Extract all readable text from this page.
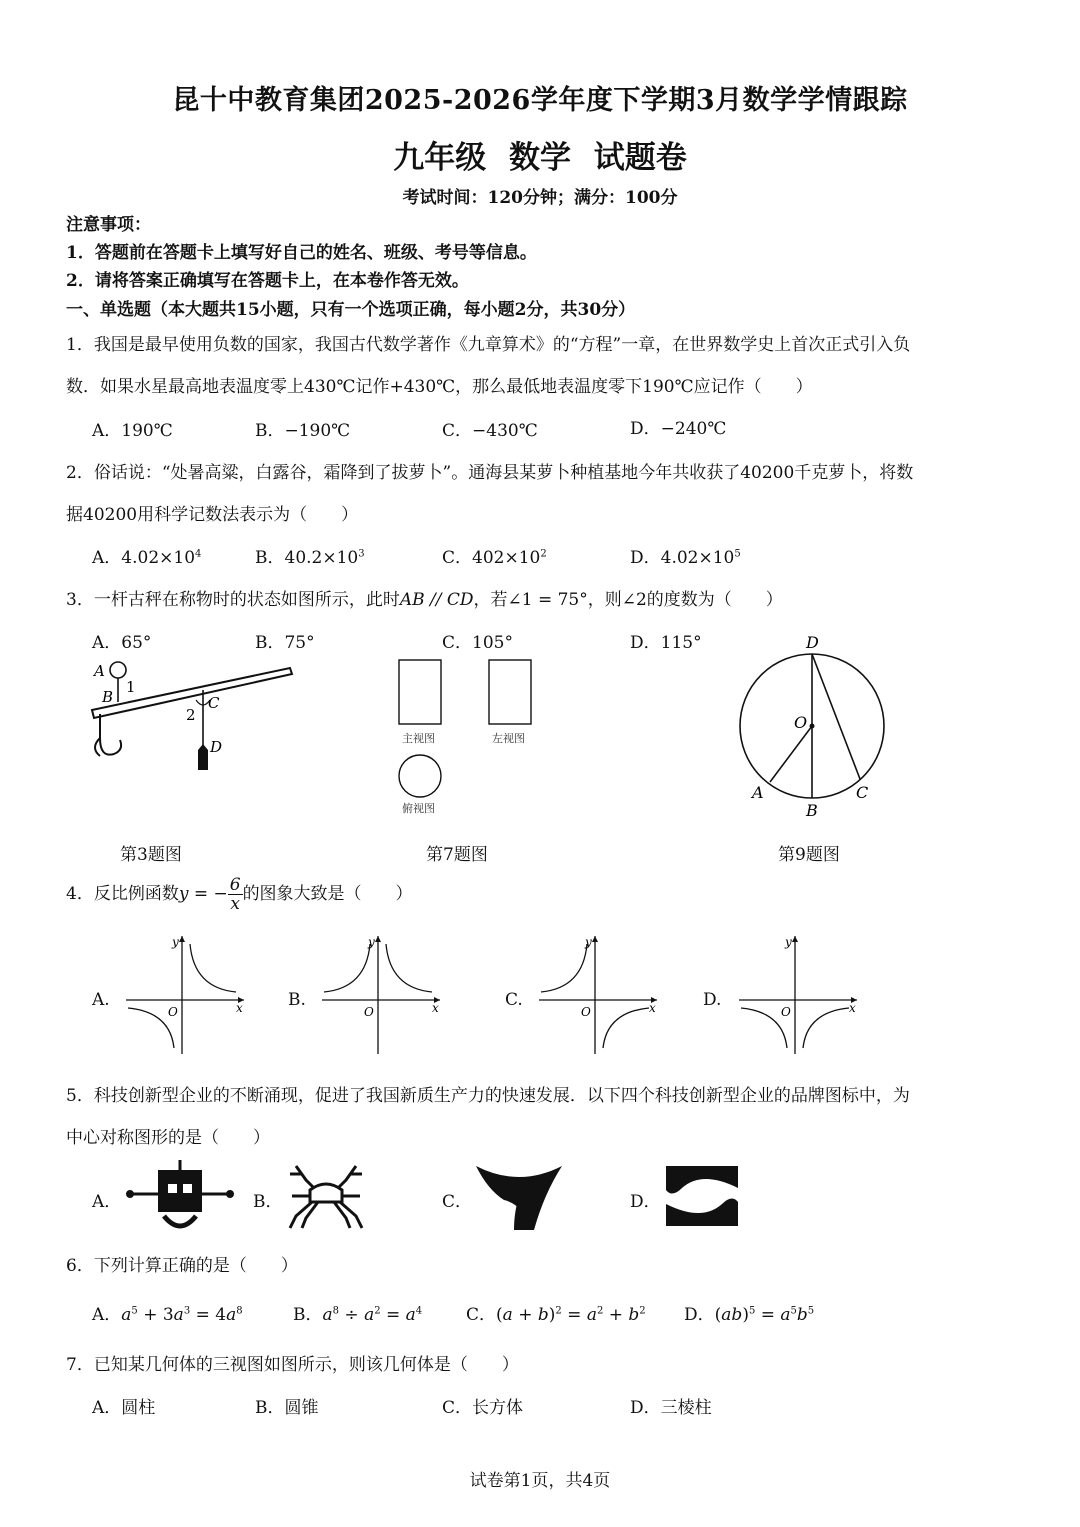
昆十中教育集团2025-2026学年度下学期3月数学学情跟踪
九年级 数学 试题卷
考试时间：120分钟；满分：100分
注意事项：
1．答题前在答题卡上填写好自己的姓名、班级、考号等信息。
2．请将答案正确填写在答题卡上，在本卷作答无效。
一、单选题（本大题共15小题，只有一个选项正确，每小题2分，共30分）
1．我国是最早使用负数的国家，我国古代数学著作《九章算术》的“方程”一章，在世界数学史上首次正式引入负
数．如果水星最高地表温度零上430℃记作+430℃，那么最低地表温度零下190℃应记作（　　）
A．190℃	B．−190℃	C．−430℃	D．−240℃
2．俗话说：“处暑高粱，白露谷，霜降到了拔萝卜”。通海县某萝卜种植基地今年共收获了40200千克萝卜，将数
据40200用科学记数法表示为（　　）
A．$4.02\times 10^4$	B．$40.2\times 10^3$	C．$402\times 10^2$	D．$4.02\times 10^5$
3．一杆古秤在称物时的状态如图所示，此时AB // CD，若∠1 = 75°，则∠2的度数为（　　）
A．65°	B．75°	C．105°	D．115°
A
B
1
C
2
D	主视图	左视图
俯视图
D
O
A
B
C
第3题图	第7题图	第9题图
4．反比例函数y = − $\frac{6}{x}$ 的图象大致是（　　）
A.	B.	C.	D.
y
x
O
y
x
O
y
x
O
y
x
O
5．科技创新型企业的不断涌现，促进了我国新质生产力的快速发展．以下四个科技创新型企业的品牌图标中，为
中心对称图形的是（　　）
A．	B．	C．	D．
6．下列计算正确的是（　　）
A．$a^5 + 3a^3 = 4a^8$	B．$a^8 \div a^2 = a^4$	C．$(a + b)^2 = a^2 + b^2$ D．$(ab)^5 = a^5b^5$
7．已知某几何体的三视图如图所示，则该几何体是（　　）
A．圆柱	B．圆锥	C．长方体	D．三棱柱
试卷第1页，共4页
